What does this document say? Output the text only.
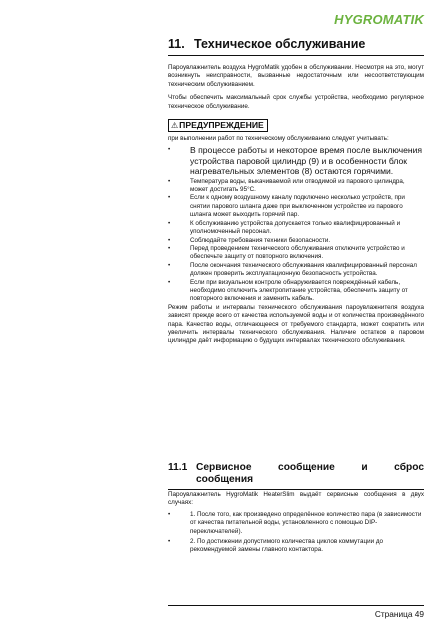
HYGROMATIK
11. Техническое обслуживание

Пароувлажнитель воздуха HygroMatik удобен в обслуживании. Несмотря на это, могут возникнуть неисправности, вызванные недостаточным или несоответствующим техническим обслуживанием.

Чтобы обеспечить максимальный срок службы устройства, необходимо регулярное техническое обслуживание.

⚠ПРЕДУПРЕЖДЕНИЕ

при выполнении работ по техническому обслуживанию следует учитывать:

• В процессе работы и некоторое время после выключения устройства паровой цилиндр (9) и в особенности блок нагревательных элементов (8) остаются горячими.
•	Температура воды, выкачиваемой или отводимой из парового цилиндра, может достигать 95°C.
•	Если к одному воздушному каналу подключено несколько устройств, при снятии парового шланга даже при выключенном устройстве из парового шланга может выходить горячий пар.
•	К обслуживанию устройства допускается только квалифицированный и уполномоченный персонал.
•	Соблюдайте требования техники безопасности.
•	Перед проведением технического обслуживания отключите устройство и обеспечьте защиту от повторного включения.
•	После окончания технического обслуживания квалифицированный персонал должен проверить эксплуатационную безопасность устройства.
•	Если при визуальном контроле обнаруживается повреждённый кабель, необходимо отключить электропитание устройства, обеспечить защиту от повторного включения и заменить кабель.

Режим работы и интервалы технического обслуживания пароувлажнителя воздуха зависят прежде всего от качества используемой воды и от количества произведённого пара. Качество воды, отличающееся от требуемого стандарта, может сократить или увеличить интервалы технического обслуживания. Наличие остатков в паровом цилиндре даёт информацию о будущих интервалах технического обслуживания.

11.1 Сервисное сообщение и сброс
сообщения

Пароувлажнитель HygroMatik HeaterSlim выдаёт сервисные сообщения в двух случаях:

•	1. После того, как произведено определённое количество пара (в зависимости от качества питательной воды, установленного с помощью DIP-переключателей).
•	2. По достижении допустимого количества циклов коммутации до рекомендуемой замены главного контактора.
Страница 49
